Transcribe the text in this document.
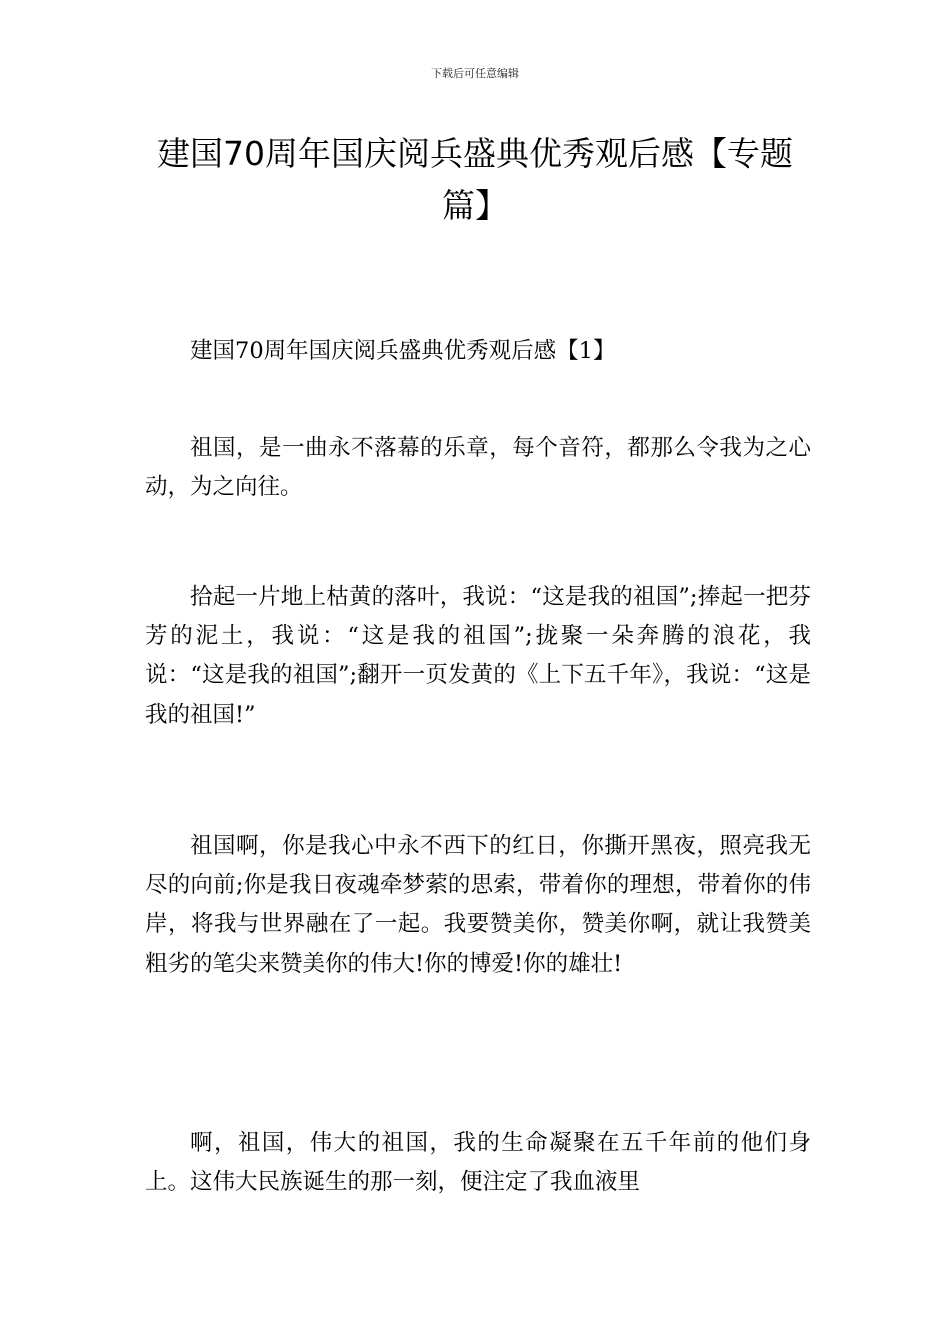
下载后可任意编辑
建国70周年国庆阅兵盛典优秀观后感【专题篇】

建国70周年国庆阅兵盛典优秀观后感【1】

祖国，是一曲永不落幕的乐章，每个音符，都那么令我为之心动，为之向往。

拾起一片地上枯黄的落叶，我说：“这是我的祖国”;捧起一把芬芳的泥土，我说：“这是我的祖国”;拢聚一朵奔腾的浪花，我说：“这是我的祖国”;翻开一页发黄的《上下五千年》，我说：“这是我的祖国!”

祖国啊，你是我心中永不西下的红日，你撕开黑夜，照亮我无尽的向前;你是我日夜魂牵梦萦的思索，带着你的理想，带着你的伟岸，将我与世界融在了一起。我要赞美你，赞美你啊，就让我赞美粗劣的笔尖来赞美你的伟大!你的博爱!你的雄壮!

啊，祖国，伟大的祖国，我的生命凝聚在五千年前的他们身上。这伟大民族诞生的那一刻，便注定了我血液里
